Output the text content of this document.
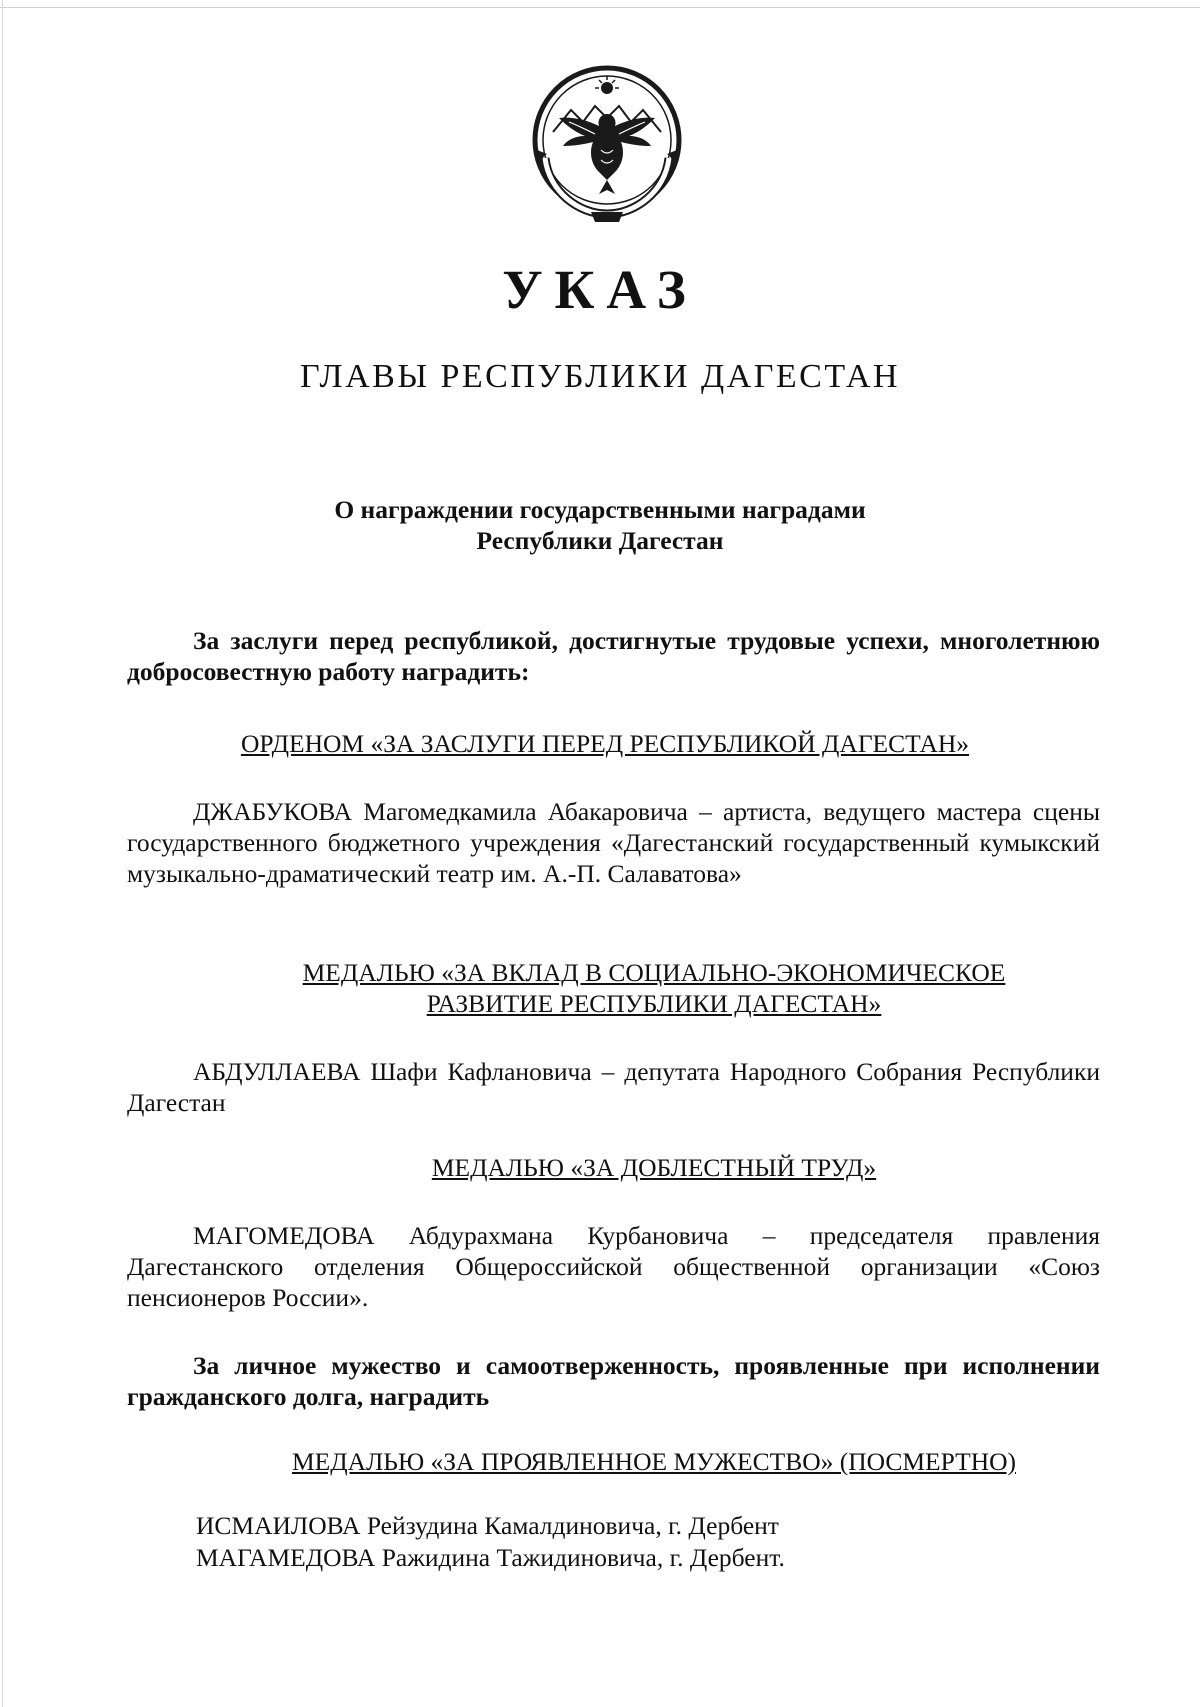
УКАЗ
ГЛАВЫ РЕСПУБЛИКИ ДАГЕСТАН
О награждении государственными наградами
Республики Дагестан
За заслуги перед республикой, достигнутые трудовые успехи, многолетнюю добросовестную работу наградить:
ОРДЕНОМ «ЗА ЗАСЛУГИ ПЕРЕД РЕСПУБЛИКОЙ ДАГЕСТАН»
ДЖАБУКОВА Магомедкамила Абакаровича – артиста, ведущего мастера сцены государственного бюджетного учреждения «Дагестанский государственный кумыкский музыкально-драматический театр им. А.-П. Салаватова»
МЕДАЛЬЮ «ЗА ВКЛАД В СОЦИАЛЬНО-ЭКОНОМИЧЕСКОЕ
РАЗВИТИЕ РЕСПУБЛИКИ ДАГЕСТАН»
АБДУЛЛАЕВА Шафи Кафлановича – депутата Народного Собрания Республики Дагестан
МЕДАЛЬЮ «ЗА ДОБЛЕСТНЫЙ ТРУД»
МАГОМЕДОВА Абдурахмана Курбановича – председателя правления Дагестанского отделения Общероссийской общественной организации «Союз пенсионеров России».
За личное мужество и самоотверженность, проявленные при исполнении гражданского долга, наградить
МЕДАЛЬЮ «ЗА ПРОЯВЛЕННОЕ МУЖЕСТВО» (ПОСМЕРТНО)
ИСМАИЛОВА Рейзудина Камалдиновича, г. Дербент
МАГАМЕДОВА Ражидина Тажидиновича, г. Дербент.
